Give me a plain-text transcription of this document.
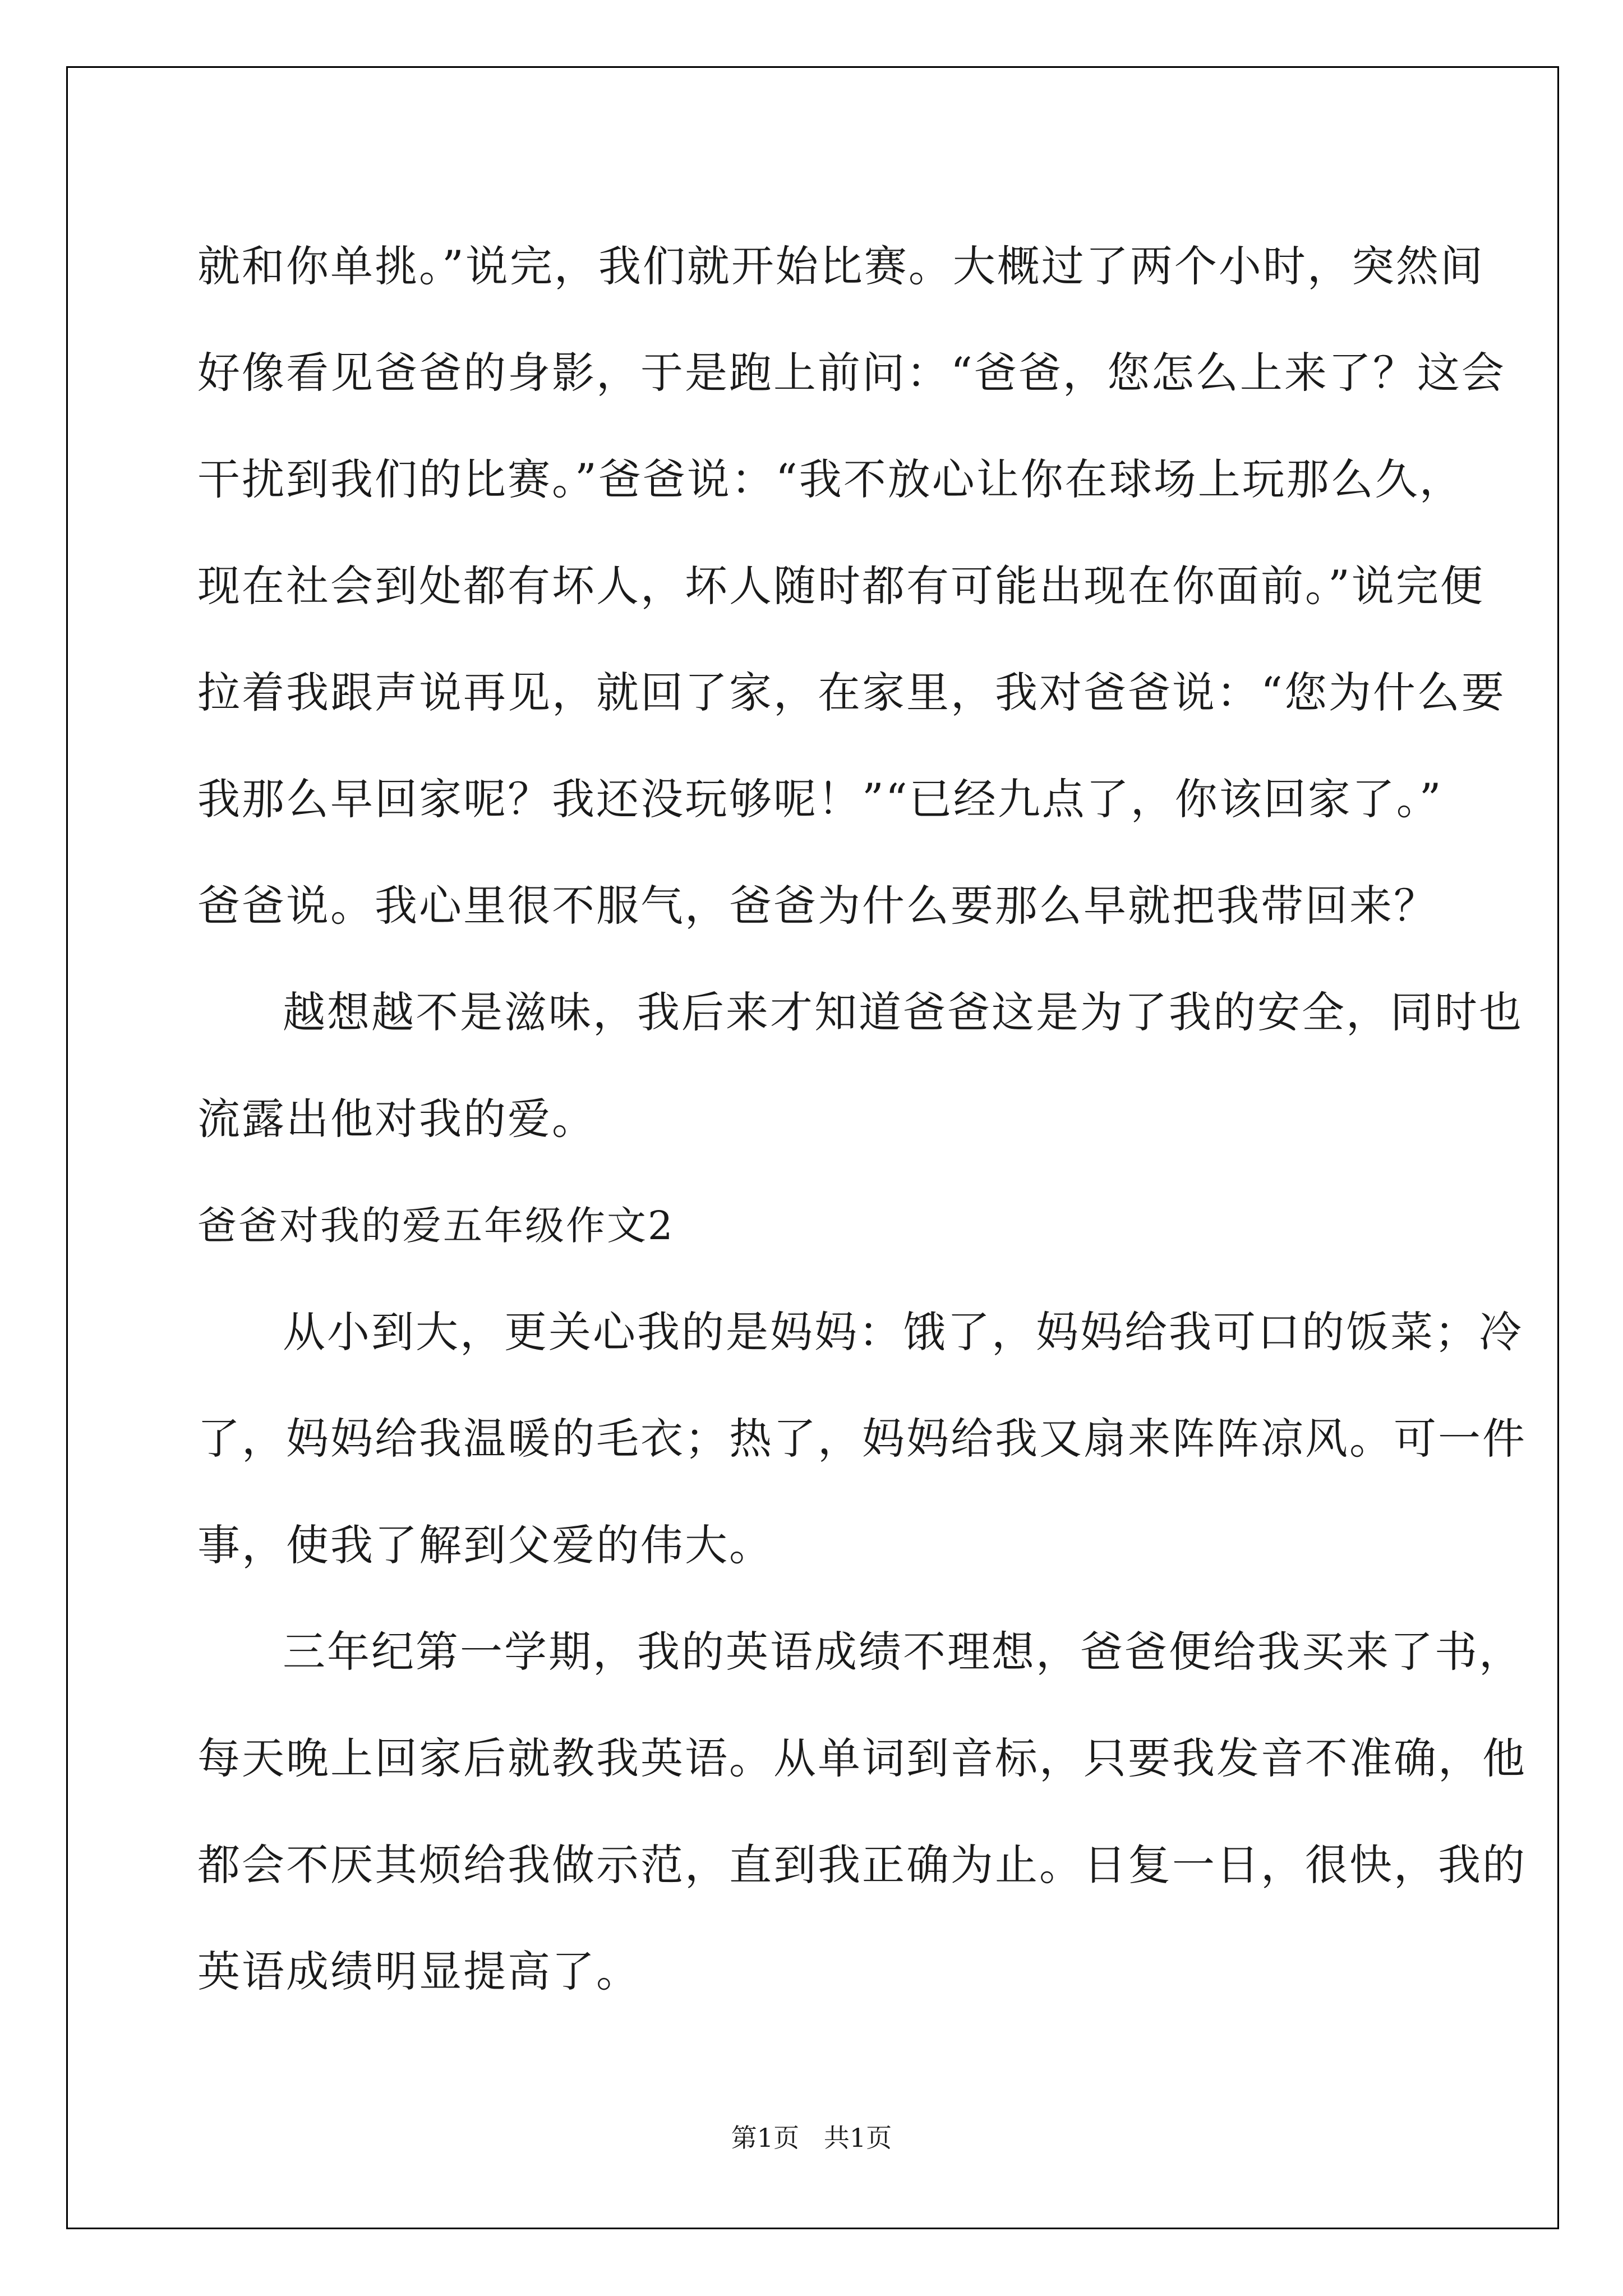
就和你单挑。”说完，我们就开始比赛。大概过了两个小时，突然间
好像看见爸爸的身影，于是跑上前问：“爸爸，您怎么上来了？这会
干扰到我们的比赛。”爸爸说：“我不放心让你在球场上玩那么久，
现在社会到处都有坏人，坏人随时都有可能出现在你面前。”说完便
拉着我跟声说再见，就回了家，在家里，我对爸爸说：“您为什么要
我那么早回家呢？我还没玩够呢！”“已经九点了，你该回家了。”
爸爸说。我心里很不服气，爸爸为什么要那么早就把我带回来？
越想越不是滋味，我后来才知道爸爸这是为了我的安全，同时也
流露出他对我的爱。
爸爸对我的爱五年级作文2
从小到大，更关心我的是妈妈：饿了，妈妈给我可口的饭菜；冷
了，妈妈给我温暖的毛衣；热了，妈妈给我又扇来阵阵凉风。可一件
事，使我了解到父爱的伟大。
三年纪第一学期，我的英语成绩不理想，爸爸便给我买来了书，
每天晚上回家后就教我英语。从单词到音标，只要我发音不准确，他
都会不厌其烦给我做示范，直到我正确为止。日复一日，很快，我的
英语成绩明显提高了。
第1页   共1页
